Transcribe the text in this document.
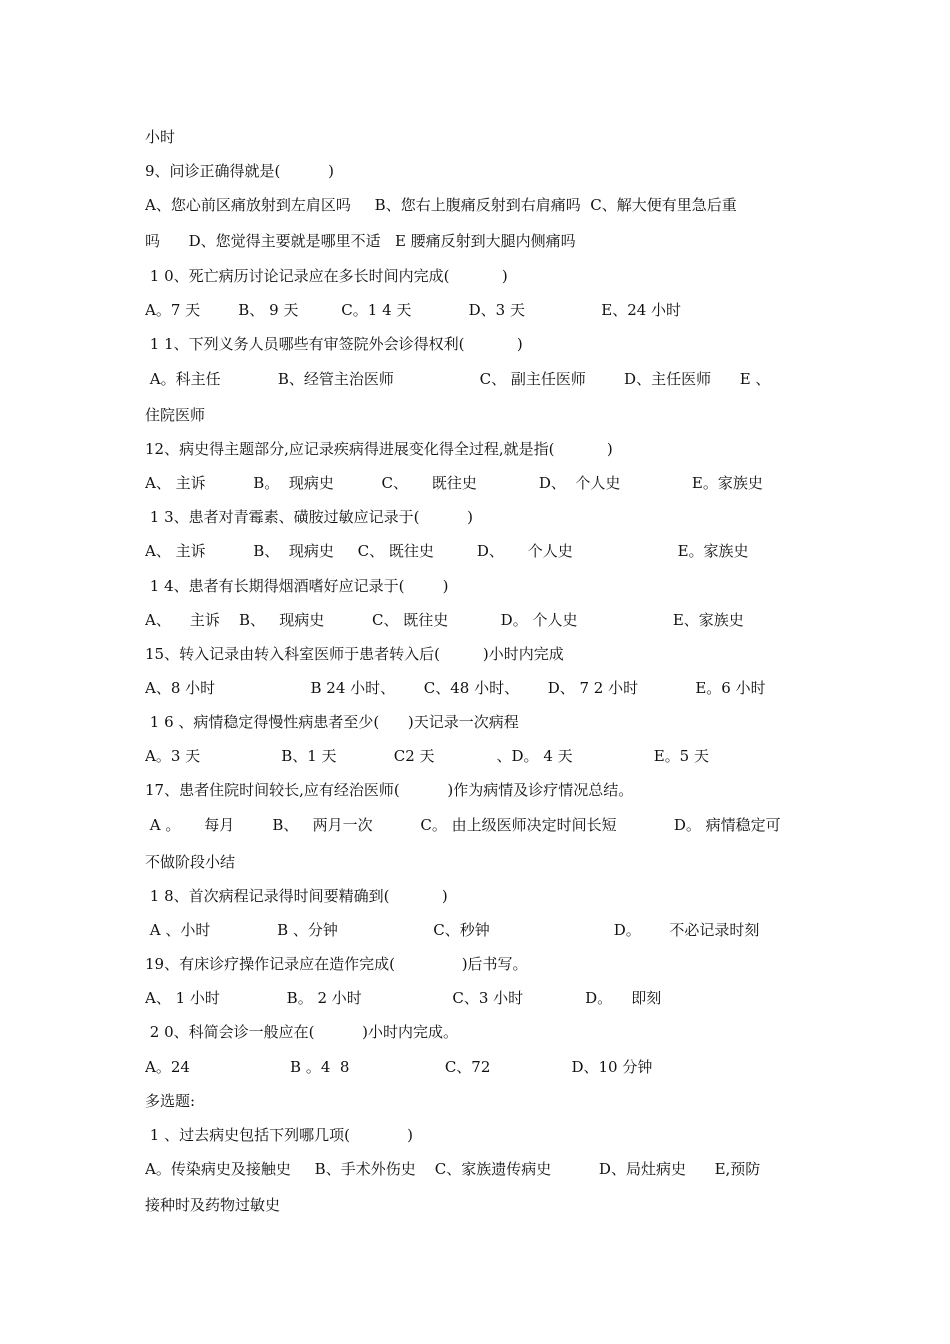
小时
9、问诊正确得就是(          )
A、您心前区痛放射到左肩区吗     B、您右上腹痛反射到右肩痛吗  C、解大便有里急后重
吗      D、您觉得主要就是哪里不适   E 腰痛反射到大腿内侧痛吗
1 0、死亡病历讨论记录应在多长时间内完成(           )
A。7 天        B、 9 天         C。1 4 天            D、3 天                E、24 小时
1 1、下列义务人员哪些有审签院外会诊得权利(           )
A。科主任            B、经管主治医师                  C、 副主任医师        D、主任医师      E 、
住院医师
12、病史得主题部分,应记录疾病得进展变化得全过程,就是指(           )
A、 主诉          B。  现病史          C、     既往史             D、  个人史               E。家族史
1 3、患者对青霉素、磺胺过敏应记录于(          )
A、 主诉          B、  现病史     C、 既往史         D、     个人史                      E。家族史
1 4、患者有长期得烟酒嗜好应记录于(        )
A、    主诉    B、   现病史          C、 既往史           D。 个人史                    E、家族史
15、转入记录由转入科室医师于患者转入后(         )小时内完成
A、8 小时                    B 24 小时、      C、48 小时、      D、 7 2 小时            E。6 小时
1 6 、病情稳定得慢性病患者至少(      )天记录一次病程
A。3 天                 B、1 天            C2 天             、D。 4 天                 E。5 天
17、患者住院时间较长,应有经治医师(          )作为病情及诊疗情况总结。
A 。     每月        B、   两月一次          C。 由上级医师决定时间长短            D。 病情稳定可
不做阶段小结
1 8、首次病程记录得时间要精确到(           )
A 、小时              B 、分钟                    C、秒钟                          D。      不必记录时刻
19、有床诊疗操作记录应在造作完成(              )后书写。
A、 1 小时              B。 2 小时                   C、3 小时             D。    即刻
2 0、科简会诊一般应在(          )小时内完成。
A。24                     B 。4  8                    C、72                 D、10 分钟
多选题:
1 、过去病史包括下列哪几项(            )
A。传染病史及接触史     B、手术外伤史    C、家族遗传病史          D、局灶病史      E,预防
接种时及药物过敏史
